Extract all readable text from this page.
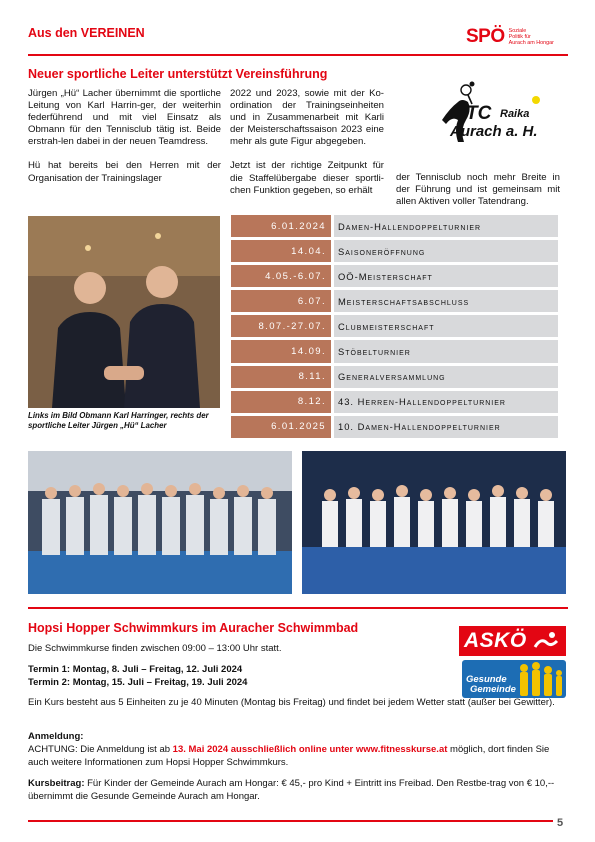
Aus den VEREINEN	SPÖ Soziale
Politik für
Aurach am Hongar
Neuer sportliche Leiter unterstützt Vereinsführung

Jürgen „Hü“ Lacher übernimmt die sportliche Leitung von Karl Harrin-ger, der weiterhin federführend und mit viel Einsatz als Obmann für den Tennisclub tätig ist. Beide erstrah-len dabei in der neuen Teamdress.

Hü hat bereits bei den Herren mit der Organisation der Trainingslager

2022 und 2023, sowie mit der Ko-ordination der Trainingseinheiten und in Zusammenarbeit mit Karli der Meisterschaftssaison 2023 eine mehr als gute Figur abgegeben.

Jetzt ist der richtige Zeitpunkt für die Staffelübergabe dieser sportli-chen Funktion gegeben, so erhält

der Tennisclub noch mehr Breite in der Führung und ist gemeinsam mit allen Aktiven voller Tatendrang.

TC Raika
Aurach a. H.
Links im Bild Obmann Karl Harringer, rechts der sportliche Leiter Jürgen „Hü“ Lacher
6.01.2024	Damen-Hallendoppelturnier
14.04.	Saisoneröffnung
4.05.-6.07.	OÖ-Meisterschaft
6.07.	Meisterschaftsabschluss
8.07.-27.07.	Clubmeisterschaft
14.09.	Stöbelturnier
8.11.	Generalversammlung
8.12.	43. Herren-Hallendoppelturnier
6.01.2025	10. Damen-Hallendoppelturnier
Hopsi Hopper Schwimmkurs im Auracher Schwimmbad
ASKÖ
Gesunde
Gemeinde
Die Schwimmkurse finden zwischen 09:00 – 13:00 Uhr statt.
Termin 1: Montag, 8. Juli – Freitag, 12. Juli 2024
Termin 2: Montag, 15. Juli – Freitag, 19. Juli 2024
Ein Kurs besteht aus 5 Einheiten zu je 40 Minuten (Montag bis Freitag) und findet bei jedem Wetter statt (außer bei Gewitter).
Anmeldung:
ACHTUNG: Die Anmeldung ist ab 13. Mai 2024 ausschließlich online unter www.fitnesskurse.at möglich, dort finden Sie auch weitere Informationen zum Hopsi Hopper Schwimmkurs.
Kursbeitrag: Für Kinder der Gemeinde Aurach am Hongar: € 45,- pro Kind + Eintritt ins Freibad. Den Restbe-trag von € 10,--übernimmt die Gesunde Gemeinde Aurach am Hongar.
5
